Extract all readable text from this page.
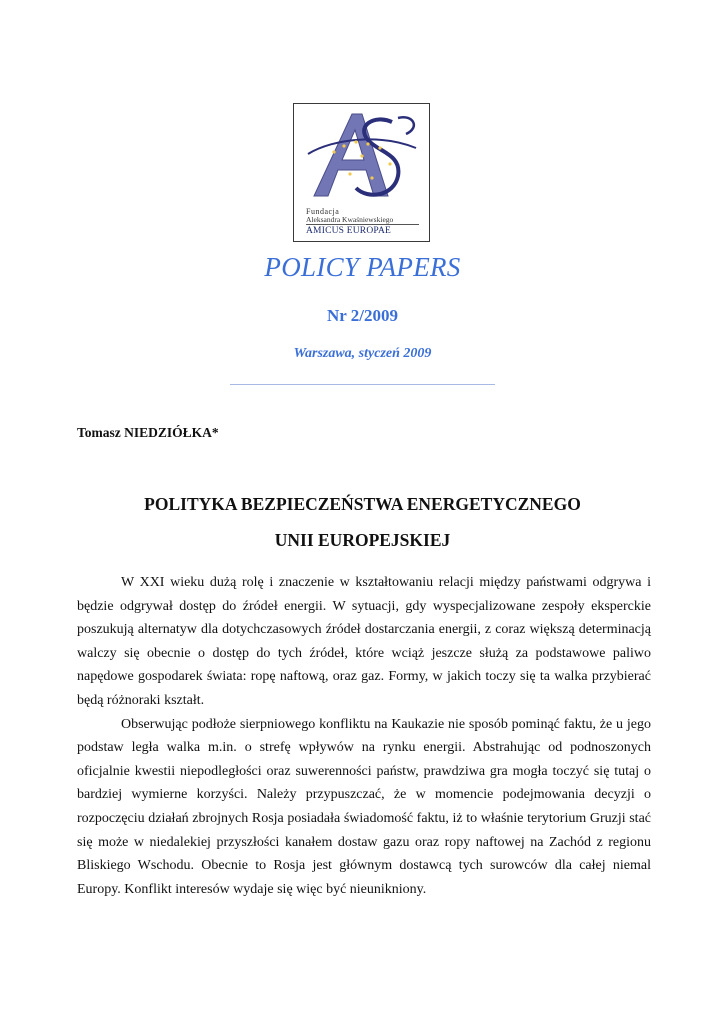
Fundacja
Aleksandra Kwaśniewskiego
AMICUS EUROPAE
POLICY PAPERS
Nr 2/2009
Warszawa, styczeń 2009
Tomasz NIEDZIÓŁKA*
POLITYKA BEZPIECZEŃSTWA ENERGETYCZNEGO
UNII EUROPEJSKIEJ

W XXI wieku dużą rolę i znaczenie w kształtowaniu relacji między państwami odgrywa i będzie odgrywał dostęp do źródeł energii. W sytuacji, gdy wyspecjalizowane zespoły eksperckie poszukują alternatyw dla dotychczasowych źródeł dostarczania energii, z coraz większą determinacją walczy się obecnie o dostęp do tych źródeł, które wciąż jeszcze służą za podstawowe paliwo napędowe gospodarek świata: ropę naftową, oraz gaz. Formy, w jakich toczy się ta walka przybierać będą różnoraki kształt.

Obserwując podłoże sierpniowego konfliktu na Kaukazie nie sposób pominąć faktu, że u jego podstaw legła walka m.in. o strefę wpływów na rynku energii. Abstrahując od podnoszonych oficjalnie kwestii niepodległości oraz suwerenności państw, prawdziwa gra mogła toczyć się tutaj o bardziej wymierne korzyści. Należy przypuszczać, że w momencie podejmowania decyzji o rozpoczęciu działań zbrojnych Rosja posiadała świadomość faktu, iż to właśnie terytorium Gruzji stać się może w niedalekiej przyszłości kanałem dostaw gazu oraz ropy naftowej na Zachód z regionu Bliskiego Wschodu. Obecnie to Rosja jest głównym dostawcą tych surowców dla całej niemal Europy. Konflikt interesów wydaje się więc być nieunikniony.
